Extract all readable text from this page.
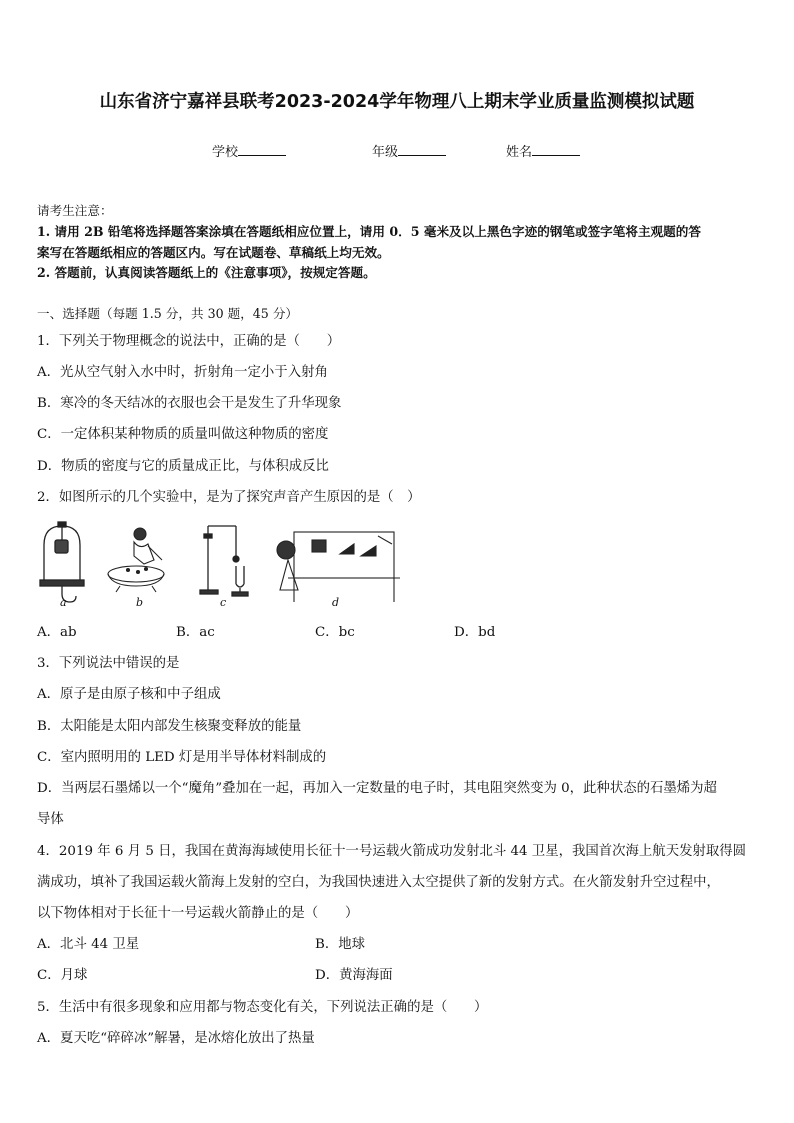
山东省济宁嘉祥县联考2023-2024学年物理八上期末学业质量监测模拟试题
学校	年级	姓名
请考生注意：
1. 请用 2B 铅笔将选择题答案涂填在答题纸相应位置上，请用 0．5 毫米及以上黑色字迹的钢笔或签字笔将主观题的答
案写在答题纸相应的答题区内。写在试题卷、草稿纸上均无效。
2. 答题前，认真阅读答题纸上的《注意事项》，按规定答题。
一、选择题（每题 1.5 分，共 30 题，45 分）
1．下列关于物理概念的说法中，正确的是（　　）
A．光从空气射入水中时，折射角一定小于入射角
B．寒冷的冬天结冰的衣服也会干是发生了升华现象
C．一定体积某种物质的质量叫做这种物质的密度
D．物质的密度与它的质量成正比，与体积成反比
2．如图所示的几个实验中，是为了探究声音产生原因的是（　）
a	b	c	d
A．ab	B．ac	C．bc	D．bd
3．下列说法中错误的是
A．原子是由原子核和中子组成
B．太阳能是太阳内部发生核聚变释放的能量
C．室内照明用的 LED 灯是用半导体材料制成的
D．当两层石墨烯以一个“魔角”叠加在一起，再加入一定数量的电子时，其电阻突然变为 0，此种状态的石墨烯为超
导体
4．2019 年 6 月 5 日，我国在黄海海域使用长征十一号运载火箭成功发射北斗 44 卫星，我国首次海上航天发射取得圆
满成功，填补了我国运载火箭海上发射的空白，为我国快速进入太空提供了新的发射方式。在火箭发射升空过程中，
以下物体相对于长征十一号运载火箭静止的是（　　）
A．北斗 44 卫星	B．地球
C．月球	D．黄海海面
5．生活中有很多现象和应用都与物态变化有关，下列说法正确的是（　　）
A．夏天吃“碎碎冰”解暑，是冰熔化放出了热量
